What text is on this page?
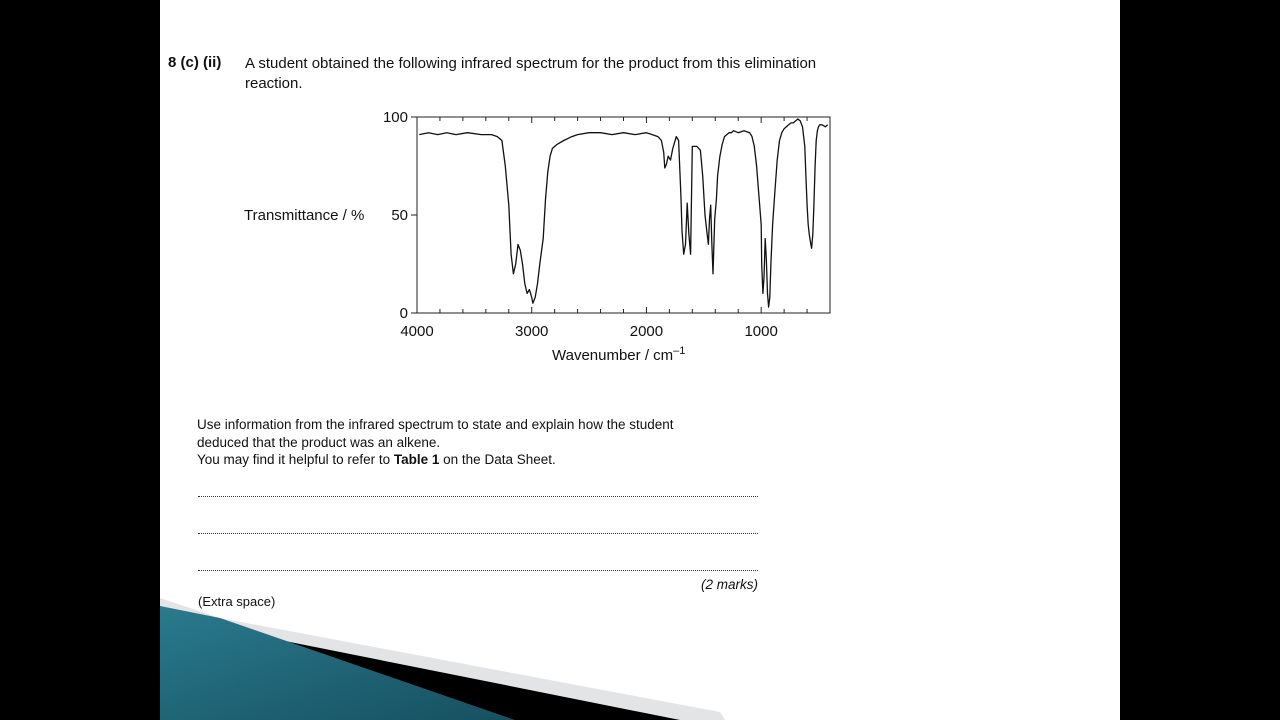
8 (c) (ii) A student obtained the following infrared spectrum for the product from this elimination reaction.
4000	3000	2000	1000
0
50
100
Transmittance / %
Wavenumber / $cm^{-1}$
Use information from the infrared spectrum to state and explain how the student
deduced that the product was an alkene.
You may find it helpful to refer to Table 1 on the Data Sheet.
(2 marks)
(Extra space)
